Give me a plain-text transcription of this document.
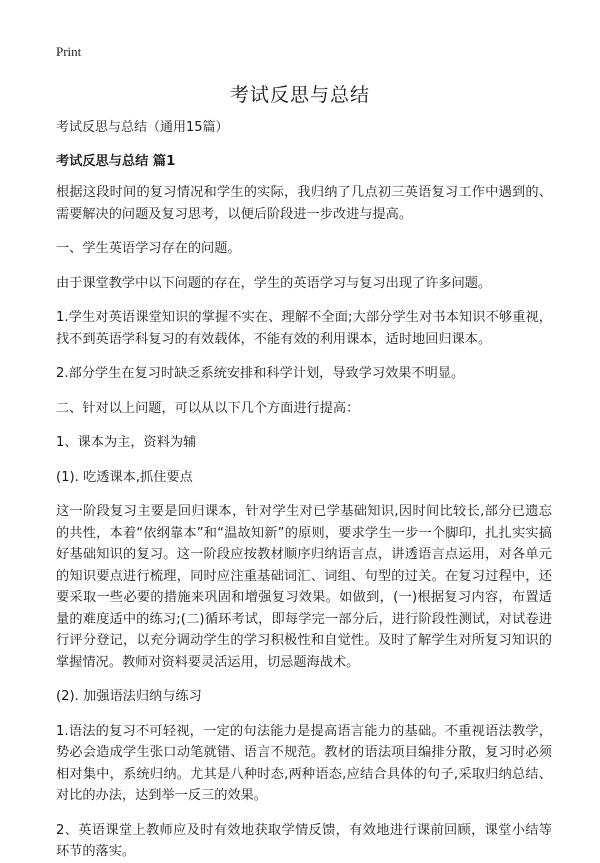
Print
考试反思与总结

考试反思与总结（通用15篇）

考试反思与总结 篇1

根据这段时间的复习情况和学生的实际，我归纳了几点初三英语复习工作中遇到的、需要解决的问题及复习思考，以便后阶段进一步改进与提高。

一、学生英语学习存在的问题。

由于课堂教学中以下问题的存在，学生的英语学习与复习出现了许多问题。

1.学生对英语课堂知识的掌握不实在、理解不全面;大部分学生对书本知识不够重视，找不到英语学科复习的有效载体，不能有效的利用课本，适时地回归课本。

2.部分学生在复习时缺乏系统安排和科学计划，导致学习效果不明显。

二、针对以上问题，可以从以下几个方面进行提高：

1、课本为主，资料为辅

(1). 吃透课本,抓住要点

这一阶段复习主要是回归课本，针对学生对已学基础知识,因时间比较长,部分已遗忘的共性，本着“依纲靠本”和“温故知新”的原则，要求学生一步一个脚印，扎扎实实搞好基础知识的复习。这一阶段应按教材顺序归纳语言点，讲透语言点运用，对各单元的知识要点进行梳理，同时应注重基础词汇、词组、句型的过关。在复习过程中，还要采取一些必要的措施来巩固和增强复习效果。如做到，(一)根据复习内容，布置适量的难度适中的练习;(二)循环考试，即每学完一部分后，进行阶段性测试，对试卷进行评分登记，以充分调动学生的学习积极性和自觉性。及时了解学生对所复习知识的掌握情况。教师对资料要灵活运用，切忌题海战术。

(2). 加强语法归纳与练习

1.语法的复习不可轻视，一定的句法能力是提高语言能力的基础。不重视语法教学，势必会造成学生张口动笔就错、语言不规范。教材的语法项目编排分散，复习时必须相对集中，系统归纳。尤其是八种时态,两种语态,应结合具体的句子,采取归纳总结、对比的办法，达到举一反三的效果。

2、英语课堂上教师应及时有效地获取学情反馈，有效地进行课前回顾，课堂小结等环节的落实。
